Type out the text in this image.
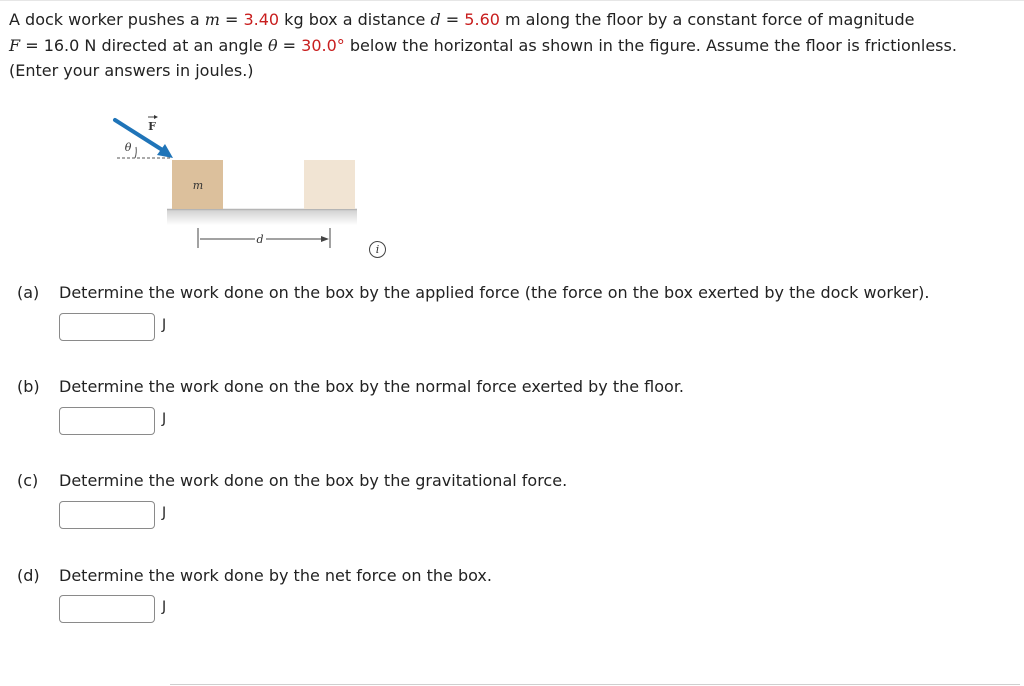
A dock worker pushes a m = 3.40 kg box a distance d = 5.60 m along the floor by a constant force of magnitude
F = 16.0 N directed at an angle θ = 30.0° below the horizontal as shown in the figure. Assume the floor is frictionless.
(Enter your answers in joules.)
m
θ
F
d
i
(a) Determine the work done on the box by the applied force (the force on the box exerted by the dock worker).
J
(b) Determine the work done on the box by the normal force exerted by the floor.
J
(c) Determine the work done on the box by the gravitational force.
J
(d) Determine the work done by the net force on the box.
J
